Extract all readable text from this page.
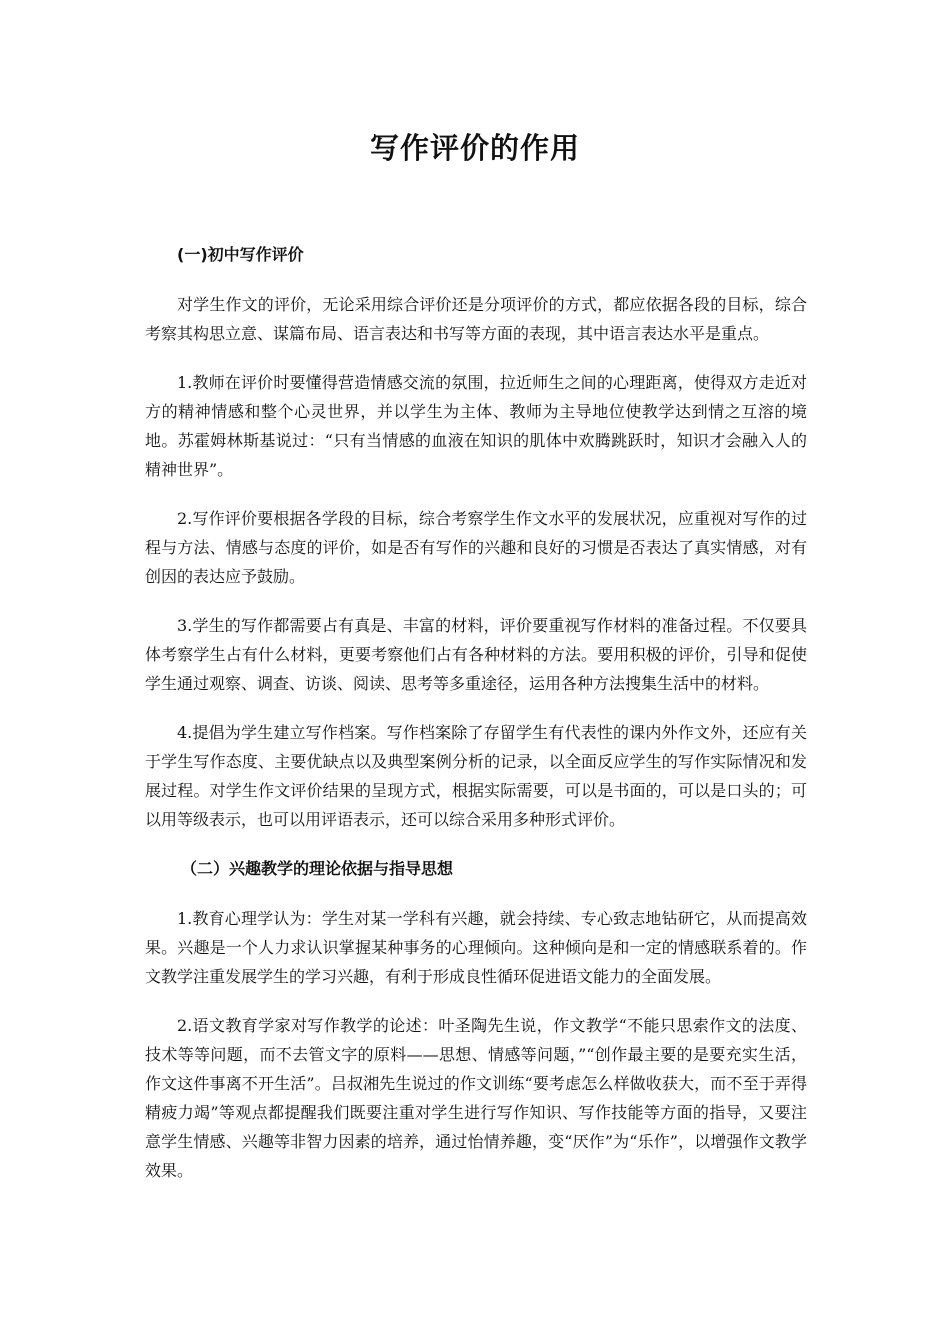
写作评价的作用
(一)初中写作评价

对学生作文的评价，无论采用综合评价还是分项评价的方式，都应依据各段的目标，综合考察其构思立意、谋篇布局、语言表达和书写等方面的表现，其中语言表达水平是重点。

1.教师在评价时要懂得营造情感交流的氛围，拉近师生之间的心理距离，使得双方走近对方的精神情感和整个心灵世界，并以学生为主体、教师为主导地位使教学达到情之互溶的境地。苏霍姆林斯基说过：“只有当情感的血液在知识的肌体中欢腾跳跃时，知识才会融入人的精神世界”。

2.写作评价要根据各学段的目标，综合考察学生作文水平的发展状况，应重视对写作的过程与方法、情感与态度的评价，如是否有写作的兴趣和良好的习惯是否表达了真实情感，对有创因的表达应予鼓励。

3.学生的写作都需要占有真是、丰富的材料，评价要重视写作材料的准备过程。不仅要具体考察学生占有什么材料，更要考察他们占有各种材料的方法。要用积极的评价，引导和促使学生通过观察、调查、访谈、阅读、思考等多重途径，运用各种方法搜集生活中的材料。

4.提倡为学生建立写作档案。写作档案除了存留学生有代表性的课内外作文外，还应有关于学生写作态度、主要优缺点以及典型案例分析的记录，以全面反应学生的写作实际情况和发展过程。对学生作文评价结果的呈现方式，根据实际需要，可以是书面的，可以是口头的；可以用等级表示，也可以用评语表示，还可以综合采用多种形式评价。

（二）兴趣教学的理论依据与指导思想

1.教育心理学认为：学生对某一学科有兴趣，就会持续、专心致志地钻研它，从而提高效果。兴趣是一个人力求认识掌握某种事务的心理倾向。这种倾向是和一定的情感联系着的。作文教学注重发展学生的学习兴趣，有利于形成良性循环促进语文能力的全面发展。

2.语文教育学家对写作教学的论述：叶圣陶先生说，作文教学“不能只思索作文的法度、技术等等问题，而不去管文字的原料——思想、情感等问题，”“创作最主要的是要充实生活，作文这件事离不开生活”。吕叔湘先生说过的作文训练“要考虑怎么样做收获大，而不至于弄得精疲力竭”等观点都提醒我们既要注重对学生进行写作知识、写作技能等方面的指导，又要注意学生情感、兴趣等非智力因素的培养，通过怡情养趣，变“厌作”为“乐作”，以增强作文教学效果。
